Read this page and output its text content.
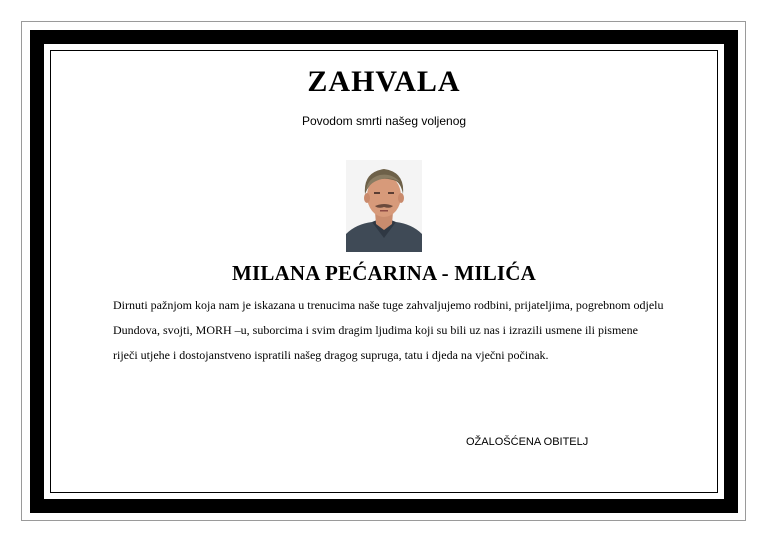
ZAHVALA
Povodom smrti našeg voljenog
MILANA PEĆARINA - MILIĆA
Dirnuti pažnjom koja nam je iskazana u trenucima naše tuge zahvaljujemo rodbini, prijateljima, pogrebnom odjelu
Dundova, svojti, MORH –u, suborcima i svim dragim ljudima koji su bili uz nas i izrazili usmene ili pismene
riječi utjehe i dostojanstveno ispratili našeg dragog supruga, tatu i djeda na vječni počinak.
OŽALOŠĆENA OBITELJ
